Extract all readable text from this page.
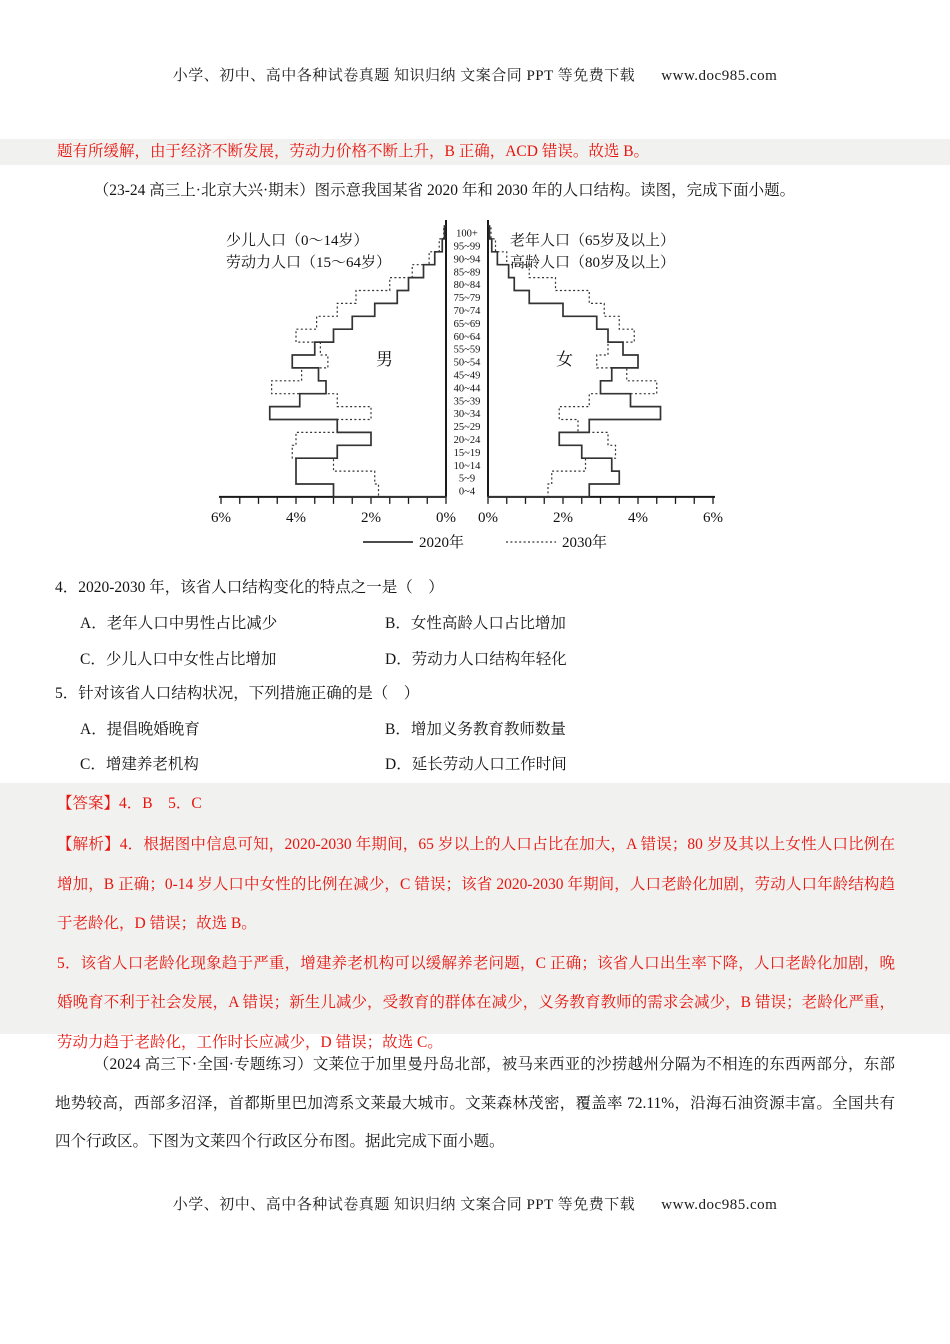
小学、初中、高中各种试卷真题 知识归纳 文案合同 PPT 等免费下载 www.doc985.com
题有所缓解，由于经济不断发展，劳动力价格不断上升，B 正确，ACD 错误。故选 B。
（23-24 高三上·北京大兴·期末）图示意我国某省 2020 年和 2030 年的人口结构。读图，完成下面小题。
100+
95~99
90~94
85~89
80~84
75~79
70~74
65~69
60~64
55~59
50~54
45~49
40~44
35~39
30~34
25~29
20~24
15~19
10~14
5~9
0~4
6%	4%	2%	0% 0%	2%	4%	6%
少儿人口（0～14岁）
劳动力人口（15～64岁）
老年人口（65岁及以上）
高龄人口（80岁及以上）
男	女
2020年	2030年
4．2020-2030 年，该省人口结构变化的特点之一是（　）
A．老年人口中男性占比减少	B．女性高龄人口占比增加
C．少儿人口中女性占比增加	D．劳动力人口结构年轻化
5．针对该省人口结构状况，下列措施正确的是（　）
A．提倡晚婚晚育	B．增加义务教育教师数量
C．增建养老机构	D．延长劳动人口工作时间
【答案】4．B　5．C

【解析】4．根据图中信息可知，2020-2030 年期间，65 岁以上的人口占比在加大，A 错误；80 岁及其以上女性人口比例在增加，B 正确；0-14 岁人口中女性的比例在减少，C 错误；该省 2020-2030 年期间，人口老龄化加剧，劳动人口年龄结构趋于老龄化，D 错误；故选 B。

5．该省人口老龄化现象趋于严重，增建养老机构可以缓解养老问题，C 正确；该省人口出生率下降，人口老龄化加剧，晚婚晚育不利于社会发展，A 错误；新生儿减少，受教育的群体在减少，义务教育教师的需求会减少，B 错误；老龄化严重，劳动力趋于老龄化，工作时长应减少，D 错误；故选 C。

（2024 高三下·全国·专题练习）文莱位于加里曼丹岛北部，被马来西亚的沙捞越州分隔为不相连的东西两部分，东部地势较高，西部多沼泽，首都斯里巴加湾系文莱最大城市。文莱森林茂密，覆盖率 72.11%，沿海石油资源丰富。全国共有四个行政区。下图为文莱四个行政区分布图。据此完成下面小题。
小学、初中、高中各种试卷真题 知识归纳 文案合同 PPT 等免费下载 www.doc985.com
